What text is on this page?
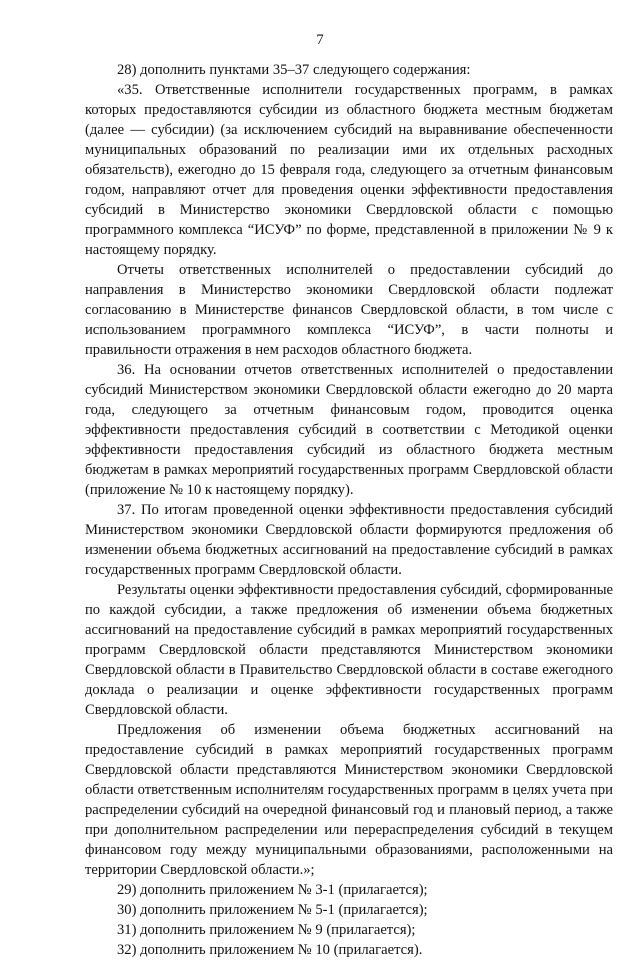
7

28) дополнить пунктами 35–37 следующего содержания:

«35. Ответственные исполнители государственных программ, в рамках которых предоставляются субсидии из областного бюджета местным бюджетам (далее — субсидии) (за исключением субсидий на выравнивание обеспеченности муниципальных образований по реализации ими их отдельных расходных обязательств), ежегодно до 15 февраля года, следующего за отчетным финансовым годом, направляют отчет для проведения оценки эффективности предоставления субсидий в Министерство экономики Свердловской области с помощью программного комплекса “ИСУФ” по форме, представленной в приложении № 9 к настоящему порядку.

Отчеты ответственных исполнителей о предоставлении субсидий до направления в Министерство экономики Свердловской области подлежат согласованию в Министерстве финансов Свердловской области, в том числе с использованием программного комплекса “ИСУФ”, в части полноты и правильности отражения в нем расходов областного бюджета.

36. На основании отчетов ответственных исполнителей о предоставлении субсидий Министерством экономики Свердловской области ежегодно до 20 марта года, следующего за отчетным финансовым годом, проводится оценка эффективности предоставления субсидий в соответствии с Методикой оценки эффективности предоставления субсидий из областного бюджета местным бюджетам в рамках мероприятий государственных программ Свердловской области (приложение № 10 к настоящему порядку).

37. По итогам проведенной оценки эффективности предоставления субсидий Министерством экономики Свердловской области формируются предложения об изменении объема бюджетных ассигнований на предоставление субсидий в рамках государственных программ Свердловской области.

Результаты оценки эффективности предоставления субсидий, сформированные по каждой субсидии, а также предложения об изменении объема бюджетных ассигнований на предоставление субсидий в рамках мероприятий государственных программ Свердловской области представляются Министерством экономики Свердловской области в Правительство Свердловской области в составе ежегодного доклада о реализации и оценке эффективности государственных программ Свердловской области.

Предложения об изменении объема бюджетных ассигнований на предоставление субсидий в рамках мероприятий государственных программ Свердловской области представляются Министерством экономики Свердловской области ответственным исполнителям государственных программ в целях учета при распределении субсидий на очередной финансовый год и плановый период, а также при дополнительном распределении или перераспределения субсидий в текущем финансовом году между муниципальными образованиями, расположенными на территории Свердловской области.»;

29) дополнить приложением № 3-1 (прилагается);

30) дополнить приложением № 5-1 (прилагается);

31) дополнить приложением № 9 (прилагается);

32) дополнить приложением № 10 (прилагается).
